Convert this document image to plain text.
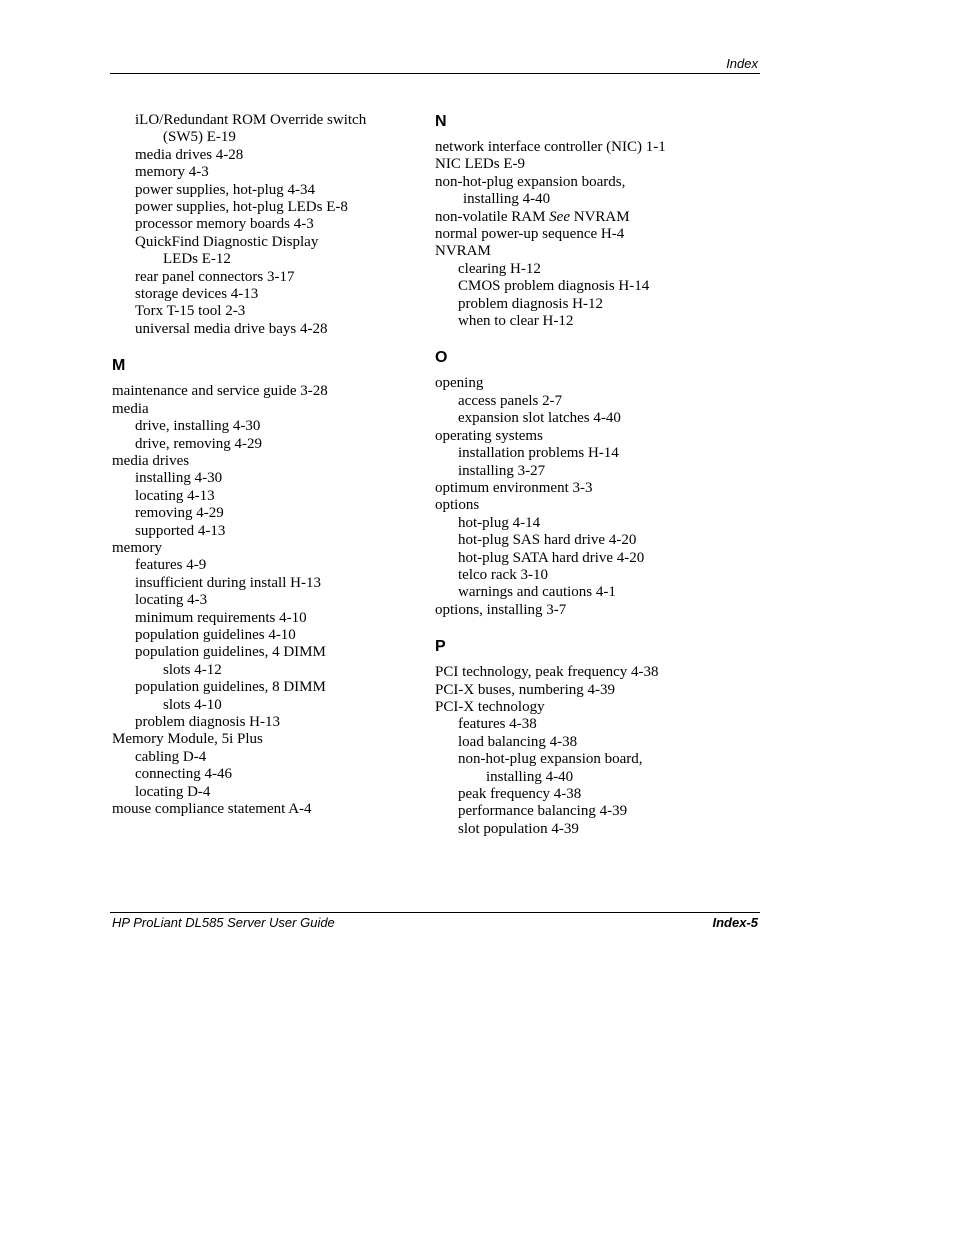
Index
iLO/Redundant ROM Override switch
(SW5) E-19
media drives 4-28
memory 4-3
power supplies, hot-plug 4-34
power supplies, hot-plug LEDs E-8
processor memory boards 4-3
QuickFind Diagnostic Display
LEDs E-12
rear panel connectors 3-17
storage devices 4-13
Torx T-15 tool 2-3
universal media drive bays 4-28
M
maintenance and service guide 3-28
media
drive, installing 4-30
drive, removing 4-29
media drives
installing 4-30
locating 4-13
removing 4-29
supported 4-13
memory
features 4-9
insufficient during install H-13
locating 4-3
minimum requirements 4-10
population guidelines 4-10
population guidelines, 4 DIMM
slots 4-12
population guidelines, 8 DIMM
slots 4-10
problem diagnosis H-13
Memory Module, 5i Plus
cabling D-4
connecting 4-46
locating D-4
mouse compliance statement A-4
N
network interface controller (NIC) 1-1
NIC LEDs E-9
non-hot-plug expansion boards,
installing 4-40
non-volatile RAM See NVRAM
normal power-up sequence H-4
NVRAM
clearing H-12
CMOS problem diagnosis H-14
problem diagnosis H-12
when to clear H-12
O
opening
access panels 2-7
expansion slot latches 4-40
operating systems
installation problems H-14
installing 3-27
optimum environment 3-3
options
hot-plug 4-14
hot-plug SAS hard drive 4-20
hot-plug SATA hard drive 4-20
telco rack 3-10
warnings and cautions 4-1
options, installing 3-7
P
PCI technology, peak frequency 4-38
PCI-X buses, numbering 4-39
PCI-X technology
features 4-38
load balancing 4-38
non-hot-plug expansion board,
installing 4-40
peak frequency 4-38
performance balancing 4-39
slot population 4-39
HP ProLiant DL585 Server User Guide	Index-5
